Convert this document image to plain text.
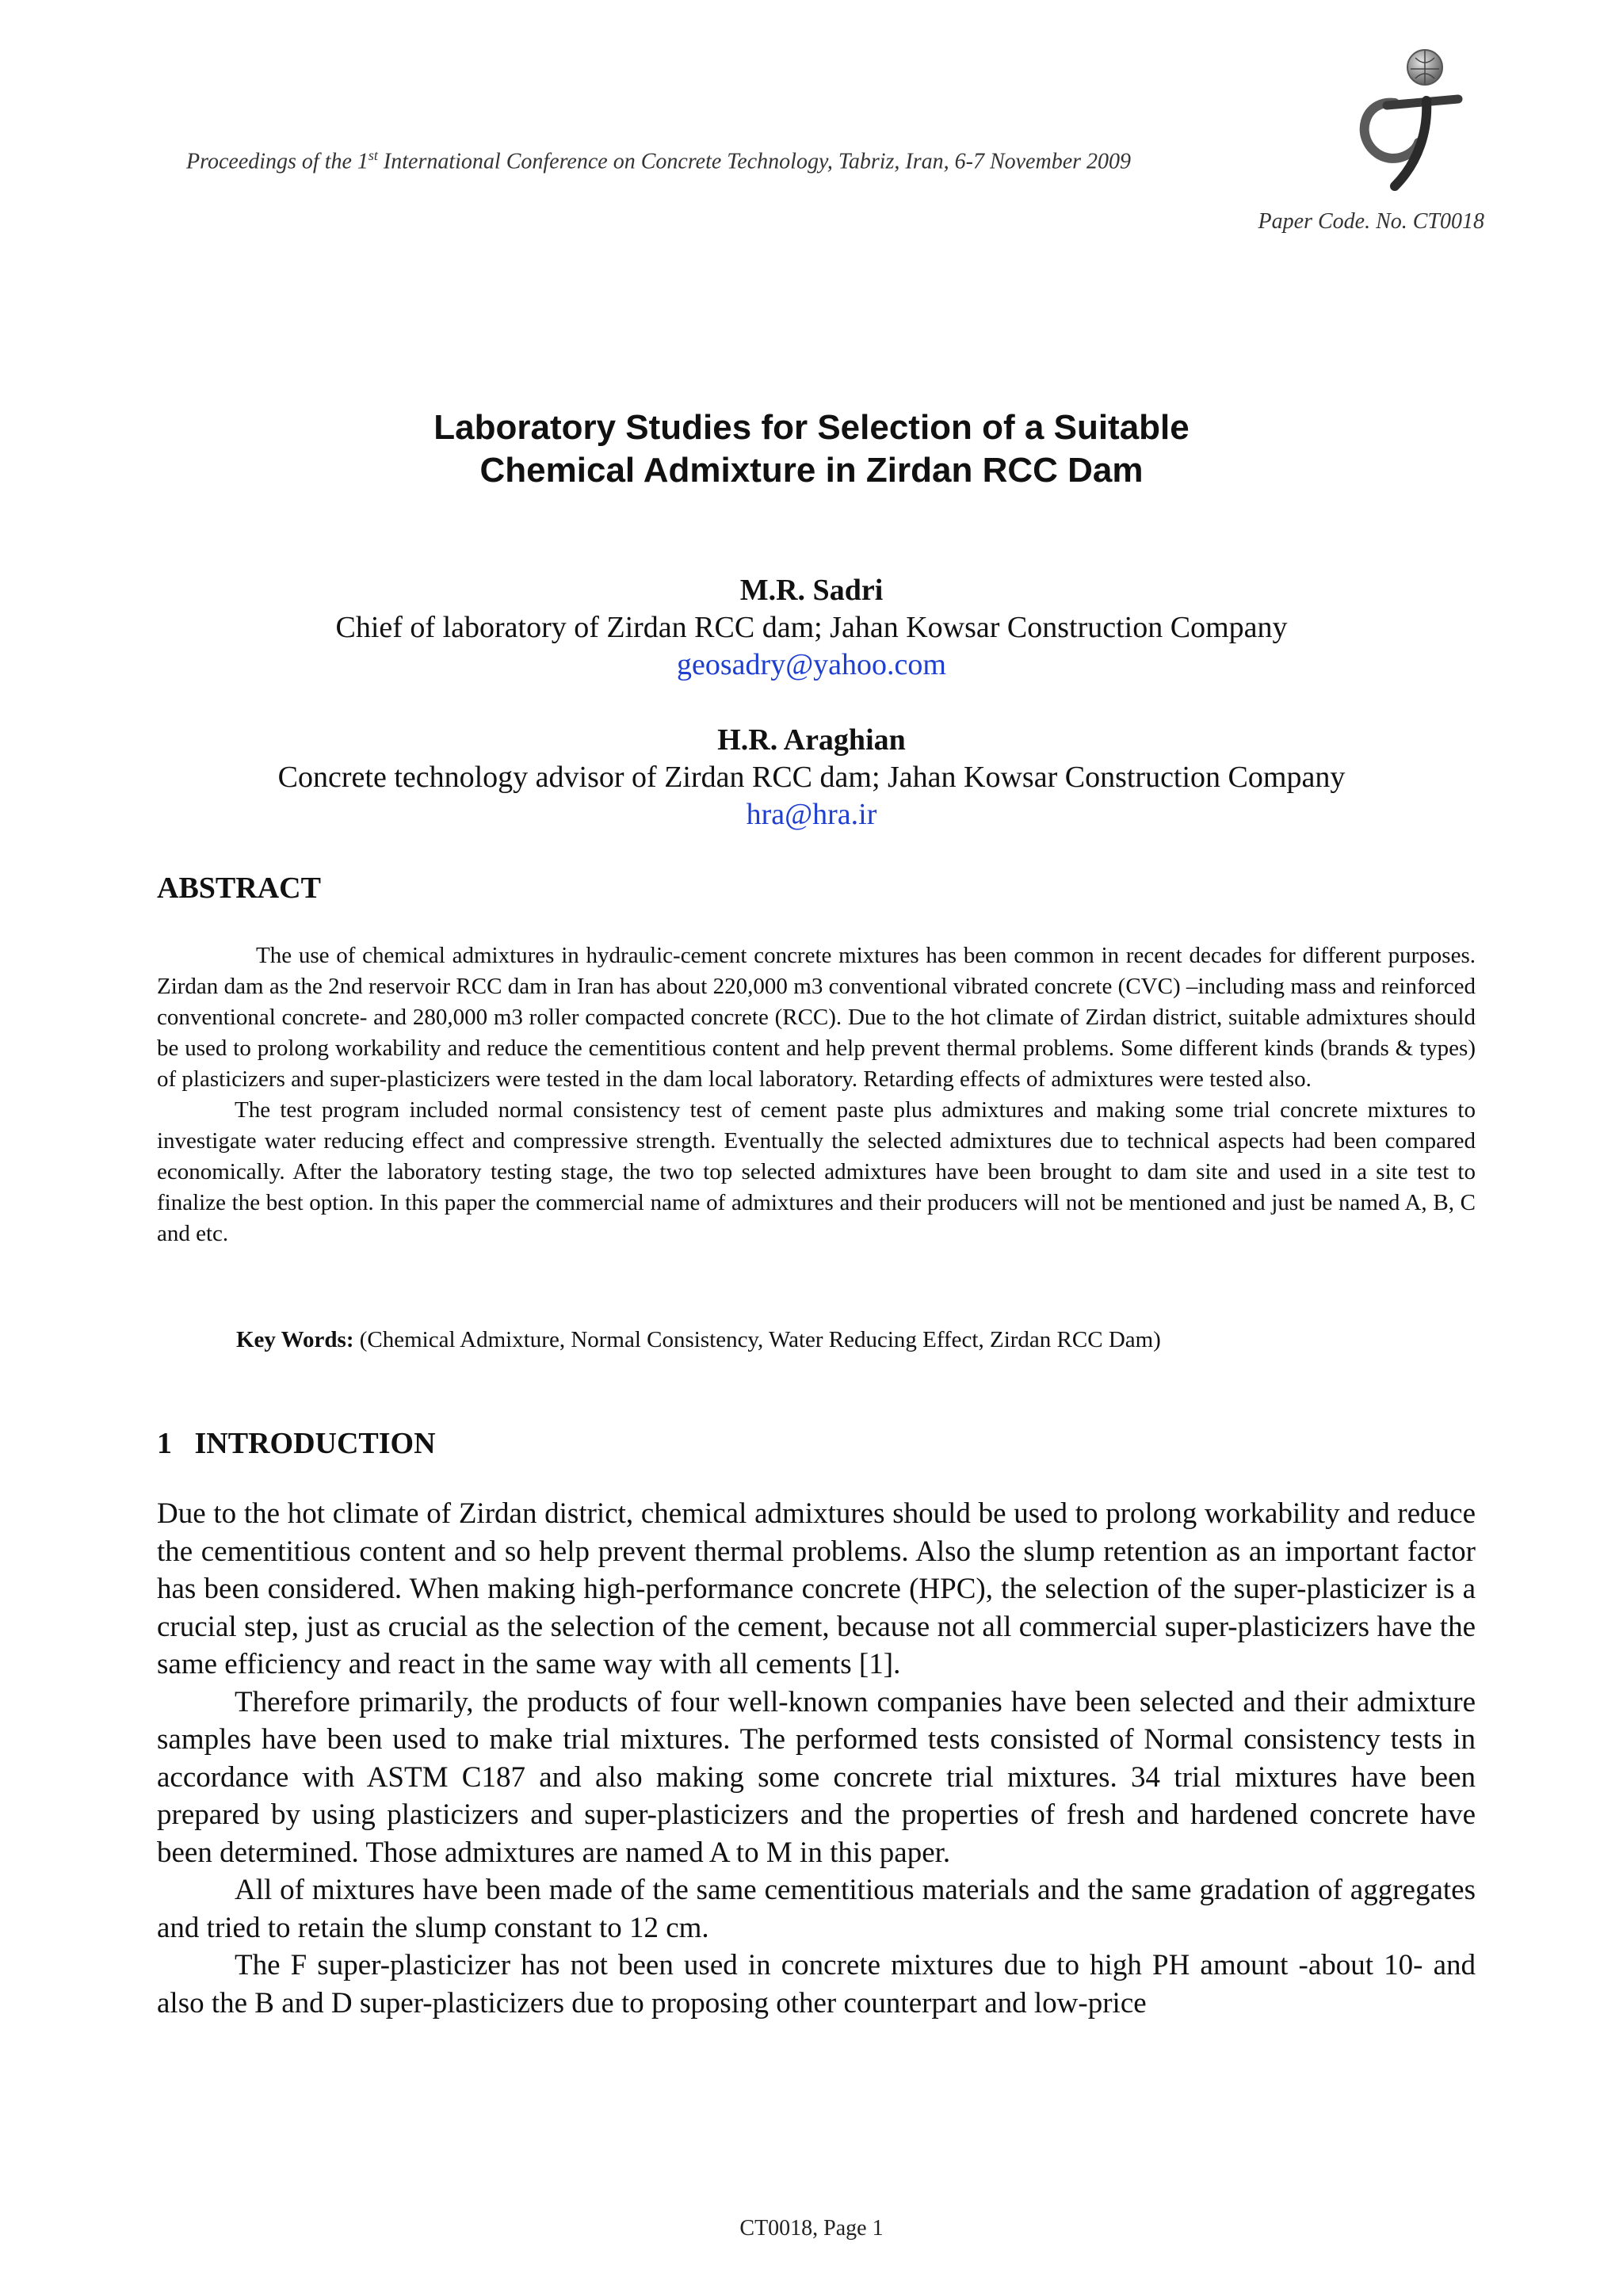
Proceedings of the 1st International Conference on Concrete Technology, Tabriz, Iran, 6-7 November 2009
Paper Code. No. CT0018
Laboratory Studies for Selection of a Suitable
Chemical Admixture in Zirdan RCC Dam
M.R. Sadri
Chief of laboratory of Zirdan RCC dam; Jahan Kowsar Construction Company
geosadry@yahoo.com
H.R. Araghian
Concrete technology advisor of Zirdan RCC dam; Jahan Kowsar Construction Company
hra@hra.ir
ABSTRACT

The use of chemical admixtures in hydraulic-cement concrete mixtures has been common in recent decades for different purposes. Zirdan dam as the 2nd reservoir RCC dam in Iran has about 220,000 m3 conventional vibrated concrete (CVC) –including mass and reinforced conventional concrete- and 280,000 m3 roller compacted concrete (RCC). Due to the hot climate of Zirdan district, suitable admixtures should be used to prolong workability and reduce the cementitious content and help prevent thermal problems. Some different kinds (brands & types) of plasticizers and super-plasticizers were tested in the dam local laboratory. Retarding effects of admixtures were tested also.

The test program included normal consistency test of cement paste plus admixtures and making some trial concrete mixtures to investigate water reducing effect and compressive strength. Eventually the selected admixtures due to technical aspects had been compared economically. After the laboratory testing stage, the two top selected admixtures have been brought to dam site and used in a site test to finalize the best option. In this paper the commercial name of admixtures and their producers will not be mentioned and just be named A, B, C and etc.

Key Words: (Chemical Admixture, Normal Consistency, Water Reducing Effect, Zirdan RCC Dam)
1   INTRODUCTION

Due to the hot climate of Zirdan district, chemical admixtures should be used to prolong workability and reduce the cementitious content and so help prevent thermal problems. Also the slump retention as an important factor has been considered. When making high-performance concrete (HPC), the selection of the super-plasticizer is a crucial step, just as crucial as the selection of the cement, because not all commercial super-plasticizers have the same efficiency and react in the same way with all cements [1].

Therefore primarily, the products of four well-known companies have been selected and their admixture samples have been used to make trial mixtures. The performed tests consisted of Normal consistency tests in accordance with ASTM C187 and also making some concrete trial mixtures. 34 trial mixtures have been prepared by using plasticizers and super-plasticizers and the properties of fresh and hardened concrete have been determined. Those admixtures are named A to M in this paper.

All of mixtures have been made of the same cementitious materials and the same gradation of aggregates and tried to retain the slump constant to 12 cm.

The F super-plasticizer has not been used in concrete mixtures due to high PH amount -about 10- and also the B and D super-plasticizers due to proposing other counterpart and low-price

CT0018, Page 1
